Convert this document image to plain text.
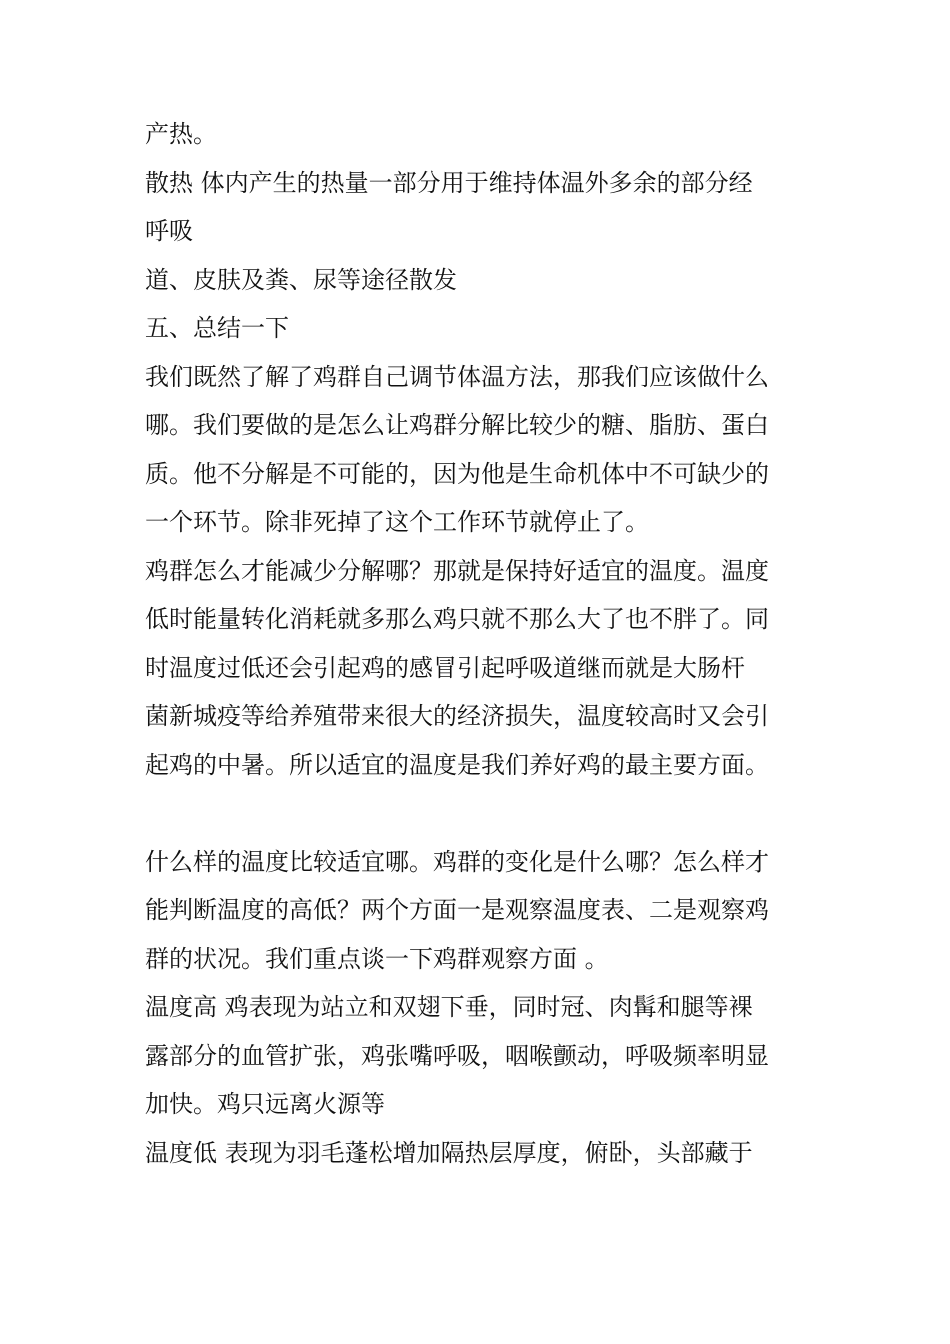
产热。
散热 体内产生的热量一部分用于维持体温外多余的部分经
呼吸
道、皮肤及粪、尿等途径散发
五、总结一下
我们既然了解了鸡群自己调节体温方法，那我们应该做什么
哪。我们要做的是怎么让鸡群分解比较少的糖、脂肪、蛋白
质。他不分解是不可能的，因为他是生命机体中不可缺少的
一个环节。除非死掉了这个工作环节就停止了。
鸡群怎么才能减少分解哪？那就是保持好适宜的温度。温度
低时能量转化消耗就多那么鸡只就不那么大了也不胖了。同
时温度过低还会引起鸡的感冒引起呼吸道继而就是大肠杆
菌新城疫等给养殖带来很大的经济损失，温度较高时又会引
起鸡的中暑。所以适宜的温度是我们养好鸡的最主要方面。
什么样的温度比较适宜哪。鸡群的变化是什么哪？怎么样才
能判断温度的高低？两个方面一是观察温度表、二是观察鸡
群的状况。我们重点谈一下鸡群观察方面 。
温度高 鸡表现为站立和双翅下垂，同时冠、肉髯和腿等裸
露部分的血管扩张，鸡张嘴呼吸，咽喉颤动，呼吸频率明显
加快。鸡只远离火源等
温度低 表现为羽毛蓬松增加隔热层厚度，俯卧，头部藏于
